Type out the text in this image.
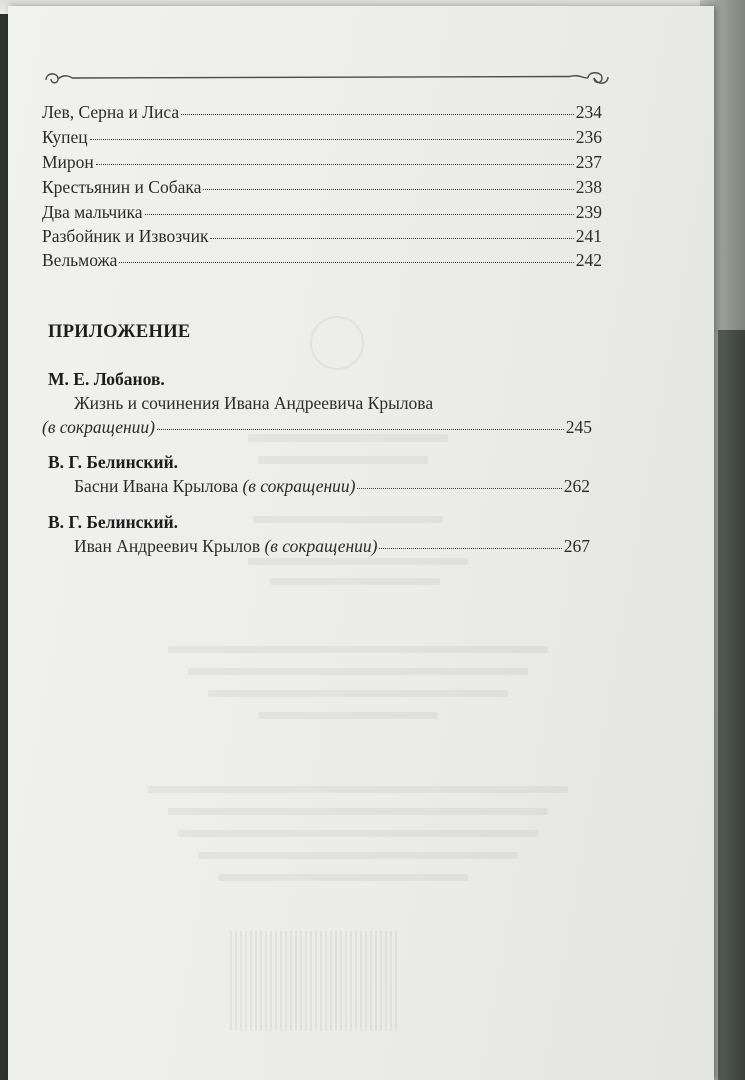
Лев, Серна и Лиса	234
Купец	236
Мирон	237
Крестьянин и Собака	238
Два мальчика	239
Разбойник и Извозчик	241
Вельможа	242
ПРИЛОЖЕНИЕ
М. Е. Лобанов.
Жизнь и сочинения Ивана Андреевича Крылова
(в сокращении)	245
В. Г. Белинский.
Басни Ивана Крылова (в сокращении)	262
В. Г. Белинский.
Иван Андреевич Крылов (в сокращении)	267
